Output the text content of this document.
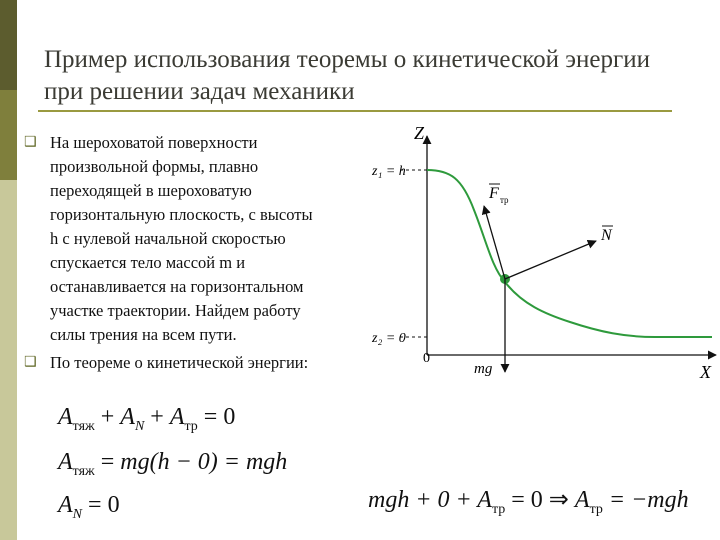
Пример использования теоремы о кинетической энергии при решении задач механики
❑ На шероховатой поверхности
произвольной формы, плавно
переходящей в шероховатую
горизонтальную плоскость, с высоты
h с нулевой начальной скоростью
спускается тело массой m и
останавливается на горизонтальном
участке траектории. Найдем работу
силы трения на всем пути.

❑ По теореме о кинетической энергии:

Z
X
z₁ = h
z₂ = 0
0
F тр
N
mg
$A_{тяж} + A_N + A_{тр} = 0$
$A_{тяж} = mg(h - 0)$ = mgh
$A_N = 0$	mgh + $0 + A_{тр} = 0$ ⇒ $A_{тр} = -mgh$
